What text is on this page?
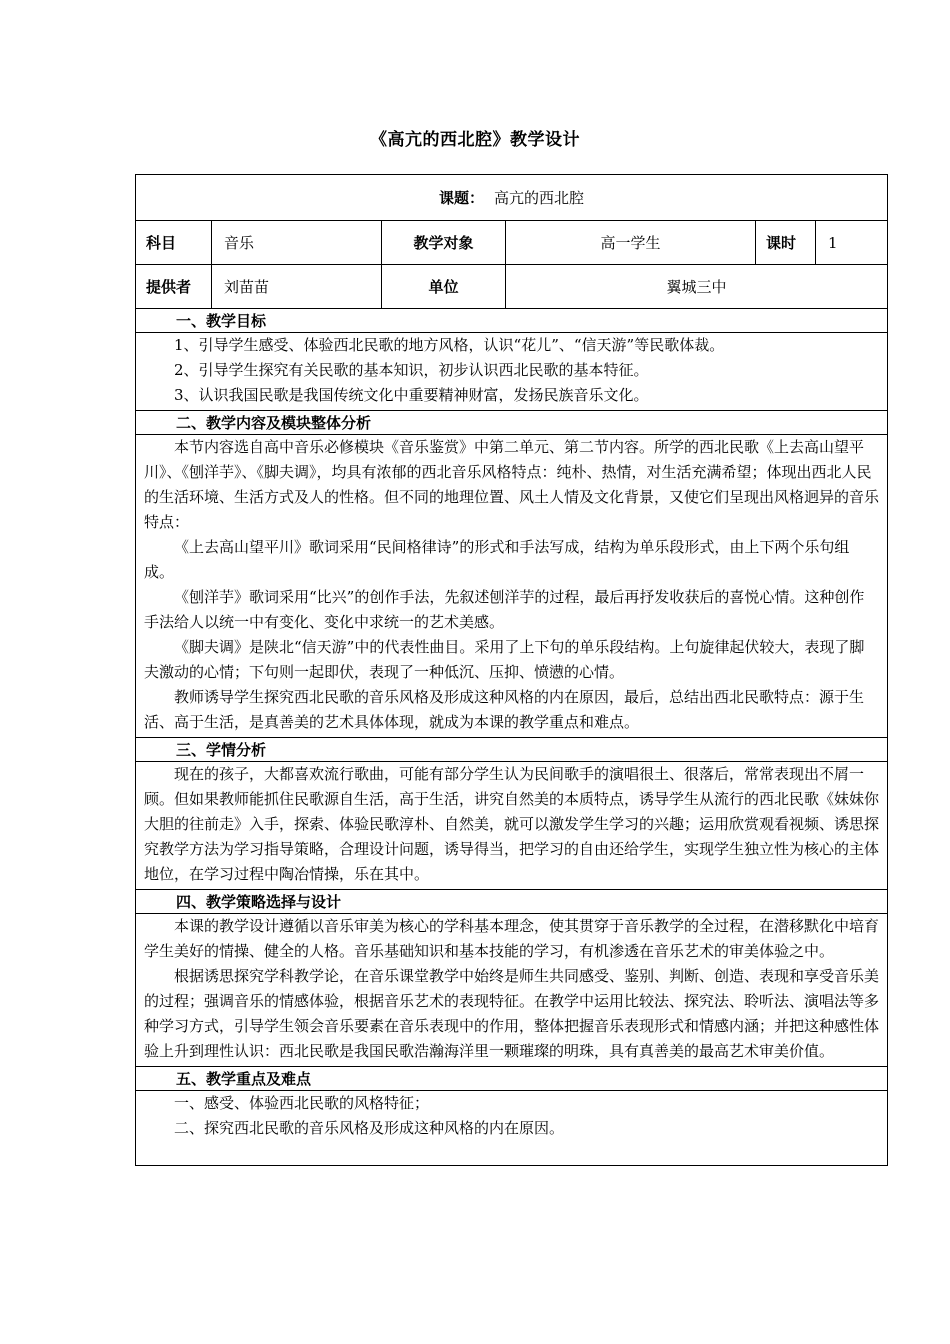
《高亢的西北腔》教学设计
课题： 高亢的西北腔					
科目	音乐	教学对象	高一学生	课时	1
提供者	刘苗苗	单位	翼城三中		
一、教学目标					

1、引导学生感受、体验西北民歌的地方风格，认识“花儿”、“信天游”等民歌体裁。

2、引导学生探究有关民歌的基本知识，初步认识西北民歌的基本特征。

3、认识我国民歌是我国传统文化中重要精神财富，发扬民族音乐文化。					

二、教学内容及模块整体分析					

本节内容选自高中音乐必修模块《音乐鉴赏》中第二单元、第二节内容。所学的西北民歌《上去高山望平川》、《刨洋芋》、《脚夫调》，均具有浓郁的西北音乐风格特点：纯朴、热情，对生活充满希望；体现出西北人民的生活环境、生活方式及人的性格。但不同的地理位置、风土人情及文化背景，又使它们呈现出风格迥异的音乐特点：

《上去高山望平川》歌词采用“民间格律诗”的形式和手法写成，结构为单乐段形式，由上下两个乐句组成。

《刨洋芋》歌词采用“比兴”的创作手法，先叙述刨洋芋的过程，最后再抒发收获后的喜悦心情。这种创作手法给人以统一中有变化、变化中求统一的艺术美感。

《脚夫调》是陕北“信天游”中的代表性曲目。采用了上下句的单乐段结构。上句旋律起伏较大，表现了脚夫激动的心情；下句则一起即伏，表现了一种低沉、压抑、愤懑的心情。

教师诱导学生探究西北民歌的音乐风格及形成这种风格的内在原因，最后，总结出西北民歌特点：源于生活、高于生活，是真善美的艺术具体体现，就成为本课的教学重点和难点。					

三、学情分析					

现在的孩子，大都喜欢流行歌曲，可能有部分学生认为民间歌手的演唱很土、很落后，常常表现出不屑一顾。但如果教师能抓住民歌源自生活，高于生活，讲究自然美的本质特点，诱导学生从流行的西北民歌《妹妹你大胆的往前走》入手，探索、体验民歌淳朴、自然美，就可以激发学生学习的兴趣；运用欣赏观看视频、诱思探究教学方法为学习指导策略，合理设计问题，诱导得当，把学习的自由还给学生，实现学生独立性为核心的主体地位，在学习过程中陶冶情操，乐在其中。					

四、教学策略选择与设计					

本课的教学设计遵循以音乐审美为核心的学科基本理念，使其贯穿于音乐教学的全过程，在潜移默化中培育学生美好的情操、健全的人格。音乐基础知识和基本技能的学习，有机渗透在音乐艺术的审美体验之中。

根据诱思探究学科教学论，在音乐课堂教学中始终是师生共同感受、鉴别、判断、创造、表现和享受音乐美的过程；强调音乐的情感体验，根据音乐艺术的表现特征。在教学中运用比较法、探究法、聆听法、演唱法等多种学习方式，引导学生领会音乐要素在音乐表现中的作用，整体把握音乐表现形式和情感内涵；并把这种感性体验上升到理性认识：西北民歌是我国民歌浩瀚海洋里一颗璀璨的明珠，具有真善美的最高艺术审美价值。					

五、教学重点及难点					

一、感受、体验西北民歌的风格特征；

二、探究西北民歌的音乐风格及形成这种风格的内在原因。					
